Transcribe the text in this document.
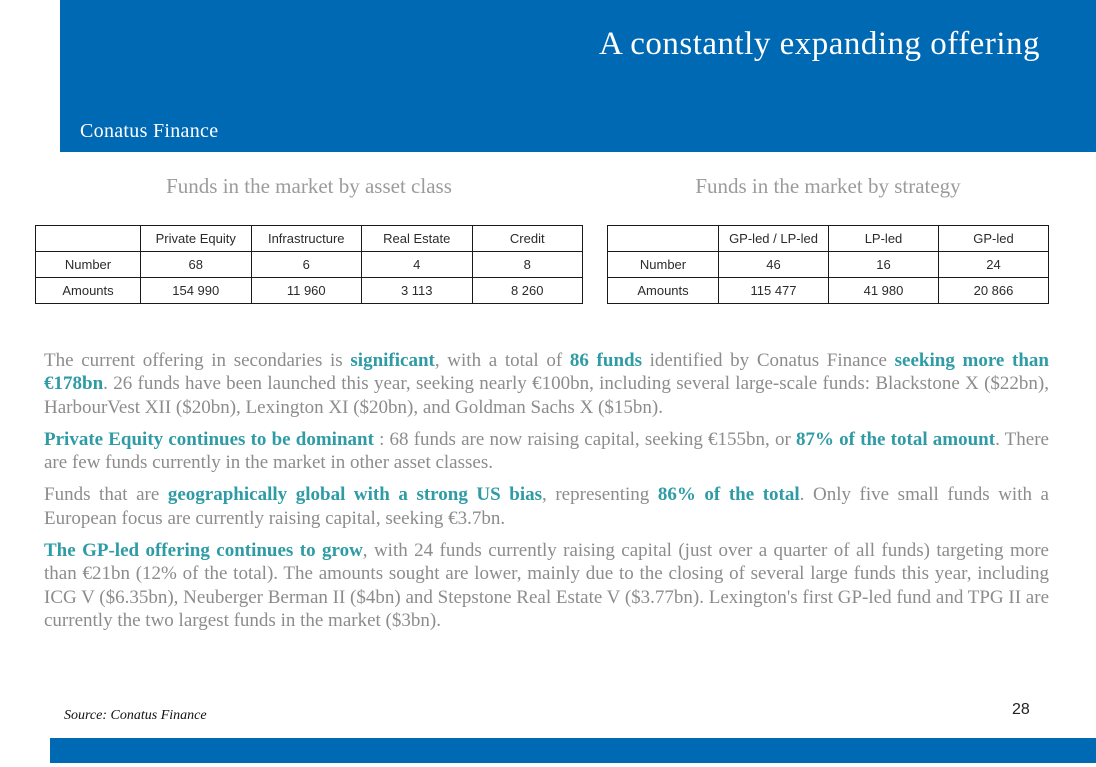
A constantly expanding offering
Conatus Finance
Funds in the market by asset class	Funds in the market by strategy
	Private Equity	Infrastructure	Real Estate	Credit
Number	68	6	4	8
Amounts	154 990	11 960	3 113	8 260
	GP-led / LP-led	LP-led	GP-led
Number	46	16	24
Amounts	115 477	41 980	20 866

The current offering in secondaries is significant, with a total of 86 funds identified by Conatus Finance seeking more than €178bn. 26 funds have been launched this year, seeking nearly €100bn, including several large-scale funds: Blackstone X ($22bn), HarbourVest XII ($20bn), Lexington XI ($20bn), and Goldman Sachs X ($15bn).

Private Equity continues to be dominant : 68 funds are now raising capital, seeking €155bn, or 87% of the total amount. There are few funds currently in the market in other asset classes.

Funds that are geographically global with a strong US bias, representing 86% of the total. Only five small funds with a European focus are currently raising capital, seeking €3.7bn.

The GP-led offering continues to grow, with 24 funds currently raising capital (just over a quarter of all funds) targeting more than €21bn (12% of the total). The amounts sought are lower, mainly due to the closing of several large funds this year, including ICG V ($6.35bn), Neuberger Berman II ($4bn) and Stepstone Real Estate V ($3.77bn). Lexington's first GP-led fund and TPG II are currently the two largest funds in the market ($3bn).

Source: Conatus Finance	28
